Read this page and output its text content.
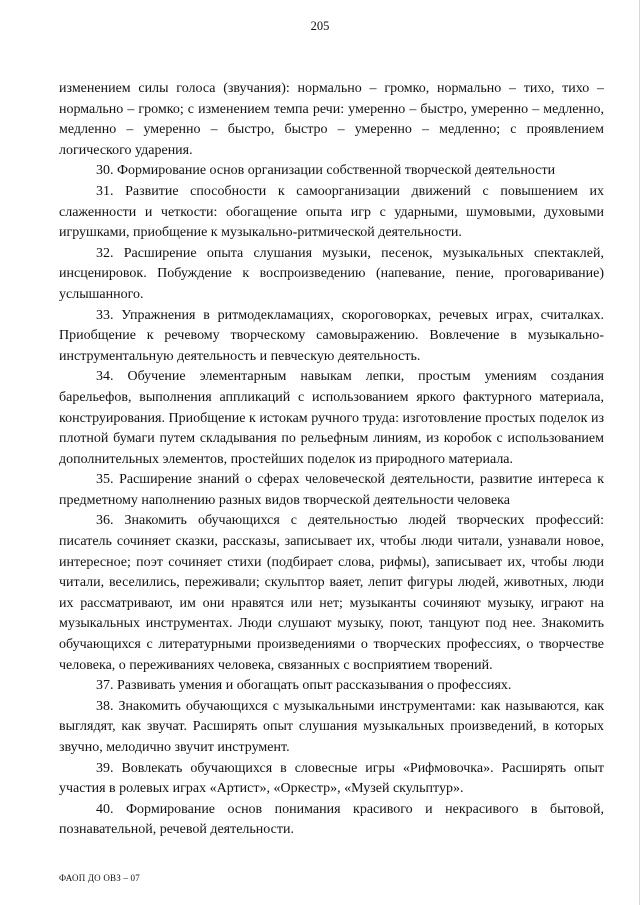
205

изменением силы голоса (звучания): нормально – громко, нормально – тихо, тихо – нормально – громко; с изменением темпа речи: умеренно – быстро, умеренно – медленно, медленно – умеренно – быстро, быстро – умеренно – медленно; с проявлением логического ударения.

30. Формирование основ организации собственной творческой деятельности

31. Развитие способности к самоорганизации движений с повышением их слаженности и четкости: обогащение опыта игр с ударными, шумовыми, духовыми игрушками, приобщение к музыкально-ритмической деятельности.

32. Расширение опыта слушания музыки, песенок, музыкальных спектаклей, инсценировок. Побуждение к воспроизведению (напевание, пение, проговаривание) услышанного.

33. Упражнения в ритмодекламациях, скороговорках, речевых играх, считалках. Приобщение к речевому творческому самовыражению. Вовлечение в музыкально-инструментальную деятельность и певческую деятельность.

34. Обучение элементарным навыкам лепки, простым умениям создания барельефов, выполнения аппликаций с использованием яркого фактурного материала, конструирования. Приобщение к истокам ручного труда: изготовление простых поделок из плотной бумаги путем складывания по рельефным линиям, из коробок с использованием дополнительных элементов, простейших поделок из природного материала.

35. Расширение знаний о сферах человеческой деятельности, развитие интереса к предметному наполнению разных видов творческой деятельности человека

36. Знакомить обучающихся с деятельностью людей творческих профессий: писатель сочиняет сказки, рассказы, записывает их, чтобы люди читали, узнавали новое, интересное; поэт сочиняет стихи (подбирает слова, рифмы), записывает их, чтобы люди читали, веселились, переживали; скульптор ваяет, лепит фигуры людей, животных, люди их рассматривают, им они нравятся или нет; музыканты сочиняют музыку, играют на музыкальных инструментах. Люди слушают музыку, поют, танцуют под нее. Знакомить обучающихся с литературными произведениями о творческих профессиях, о творчестве человека, о переживаниях человека, связанных с восприятием творений.

37. Развивать умения и обогащать опыт рассказывания о профессиях.

38. Знакомить обучающихся с музыкальными инструментами: как называются, как выглядят, как звучат. Расширять опыт слушания музыкальных произведений, в которых звучно, мелодично звучит инструмент.

39. Вовлекать обучающихся в словесные игры «Рифмовочка». Расширять опыт участия в ролевых играх «Артист», «Оркестр», «Музей скульптур».

40. Формирование основ понимания красивого и некрасивого в бытовой, познавательной, речевой деятельности.

ФАОП ДО ОВЗ – 07
